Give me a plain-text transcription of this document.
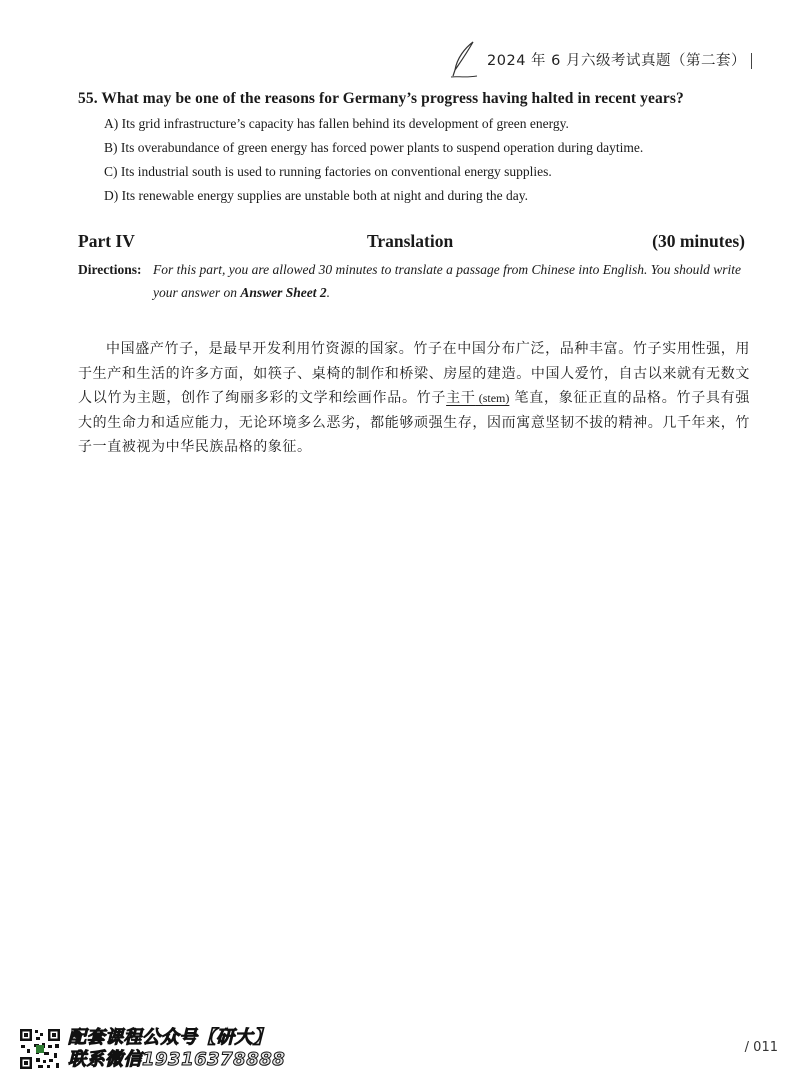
2024 年 6 月六级考试真题（第二套）

55. What may be one of the reasons for Germany’s progress having halted in recent years?

A) Its grid infrastructure’s capacity has fallen behind its development of green energy.

B) Its overabundance of green energy has forced power plants to suspend operation during daytime.

C) Its industrial south is used to running factories on conventional energy supplies.

D) Its renewable energy supplies are unstable both at night and during the day.

Part IV	Translation	(30 minutes)
Directions: For this part, you are allowed 30 minutes to translate a passage from Chinese into English. You should write your answer on Answer Sheet 2.

中国盛产竹子，是最早开发利用竹资源的国家。竹子在中国分布广泛，品种丰富。竹子实用性强，用于生产和生活的许多方面，如筷子、桌椅的制作和桥梁、房屋的建造。中国人爱竹，自古以来就有无数文人以竹为主题，创作了绚丽多彩的文学和绘画作品。竹子主干 (stem) 笔直，象征正直的品格。竹子具有强大的生命力和适应能力，无论环境多么恶劣，都能够顽强生存，因而寓意坚韧不拔的精神。几千年来，竹子一直被视为中华民族品格的象征。

配套课程公众号【研大】
联系微信19316378888
/ 011
